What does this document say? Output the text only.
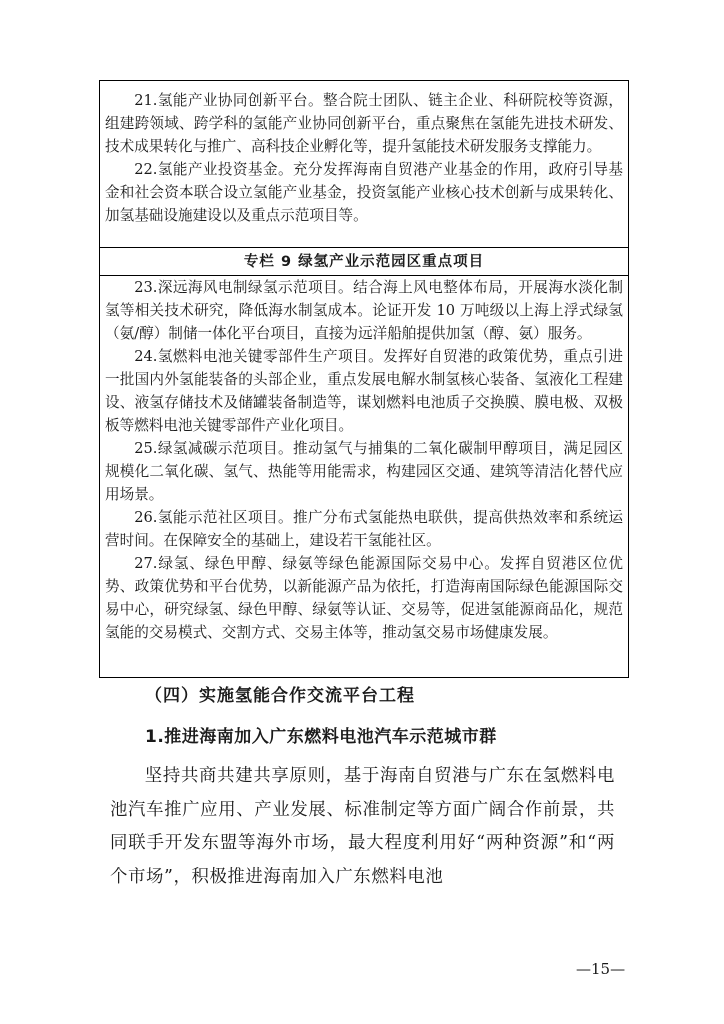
21.氢能产业协同创新平台。整合院士团队、链主企业、科研院校等资源，组建跨领域、跨学科的氢能产业协同创新平台，重点聚焦在氢能先进技术研发、技术成果转化与推广、高科技企业孵化等，提升氢能技术研发服务支撑能力。

22.氢能产业投资基金。充分发挥海南自贸港产业基金的作用，政府引导基金和社会资本联合设立氢能产业基金，投资氢能产业核心技术创新与成果转化、加氢基础设施建设以及重点示范项目等。

专栏 9 绿氢产业示范园区重点项目

23.深远海风电制绿氢示范项目。结合海上风电整体布局，开展海水淡化制氢等相关技术研究，降低海水制氢成本。论证开发 10 万吨级以上海上浮式绿氢（氨/醇）制储一体化平台项目，直接为远洋船舶提供加氢（醇、氨）服务。

24.氢燃料电池关键零部件生产项目。发挥好自贸港的政策优势，重点引进一批国内外氢能装备的头部企业，重点发展电解水制氢核心装备、氢液化工程建设、液氢存储技术及储罐装备制造等，谋划燃料电池质子交换膜、膜电极、双极板等燃料电池关键零部件产业化项目。

25.绿氢减碳示范项目。推动氢气与捕集的二氧化碳制甲醇项目，满足园区规模化二氧化碳、氢气、热能等用能需求，构建园区交通、建筑等清洁化替代应用场景。

26.氢能示范社区项目。推广分布式氢能热电联供，提高供热效率和系统运营时间。在保障安全的基础上，建设若干氢能社区。

27.绿氢、绿色甲醇、绿氨等绿色能源国际交易中心。发挥自贸港区位优势、政策优势和平台优势，以新能源产品为依托，打造海南国际绿色能源国际交易中心，研究绿氢、绿色甲醇、绿氨等认证、交易等，促进氢能源商品化，规范氢能的交易模式、交割方式、交易主体等，推动氢交易市场健康发展。

（四）实施氢能合作交流平台工程
1.推进海南加入广东燃料电池汽车示范城市群

坚持共商共建共享原则，基于海南自贸港与广东在氢燃料电池汽车推广应用、产业发展、标准制定等方面广阔合作前景，共同联手开发东盟等海外市场，最大程度利用好“两种资源”和“两个市场”，积极推进海南加入广东燃料电池

—15—
